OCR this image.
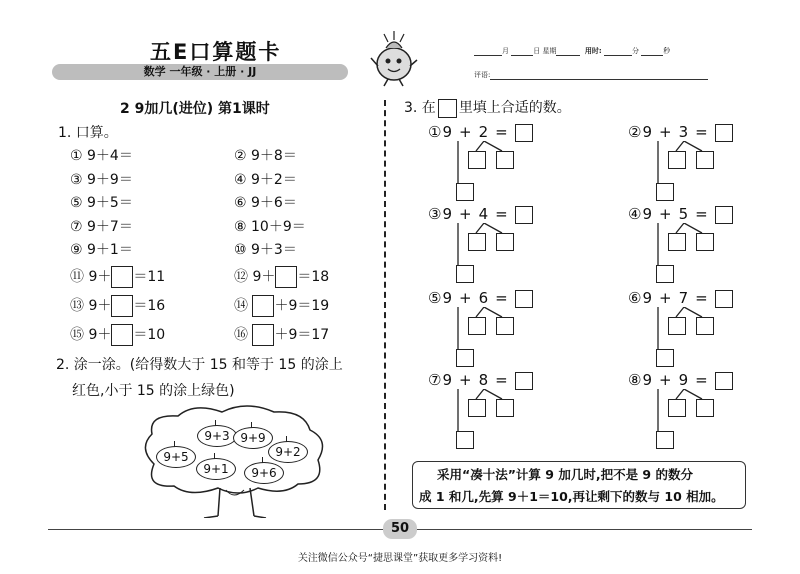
五E口算题卡
数学 一年级 · 上册 · JJ
月	日 星期	用时:	分	秒
评语:
2 9加几(进位) 第1课时
1. 口算。
① 9＋4＝	② 9＋8＝
③ 9＋9＝	④ 9＋2＝
⑤ 9＋5＝	⑥ 9＋6＝
⑦ 9＋7＝	⑧ 10＋9＝
⑨ 9＋1＝	⑩ 9＋3＝
⑪ 9＋ ＝11	⑫ 9＋ ＝18
⑬ 9＋ ＝16	⑭ ＋9＝19
⑮ 9＋ ＝10	⑯ ＋9＝17
2. 涂一涂。(给得数大于 15 和等于 15 的涂上
红色,小于 15 的涂上绿色)
9+3 9+9
9+5	9+2
9+1	9+6
3. 在 里填上合适的数。
①9 + 2 =	②9 + 3 =
③9 + 4 =	④9 + 5 =
⑤9 + 6 =	⑥9 + 7 =
⑦9 + 8 =	⑧9 + 9 =
采用“凑十法”计算 9 加几时,把不是 9 的数分
成 1 和几,先算 9＋1＝10,再让剩下的数与 10 相加。
50
关注微信公众号“捷思课堂”获取更多学习资料!
